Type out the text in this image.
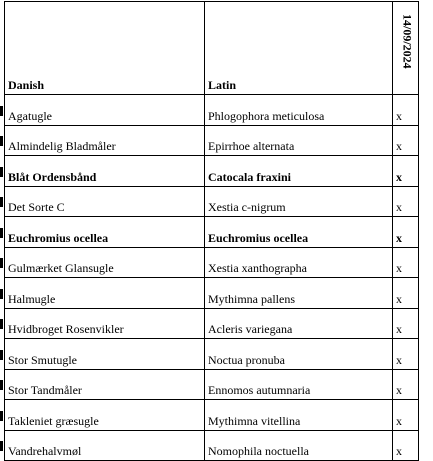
Danish	Latin	14/09/2024

Agatugle	Phlogophora meticulosa	x
Almindelig Bladmåler	Epirrhoe alternata	x
Blåt Ordensbånd	Catocala fraxini	x
Det Sorte C	Xestia c-nigrum	x
Euchromius ocellea	Euchromius ocellea	x
Gulmærket Glansugle	Xestia xanthographa	x
Halmugle	Mythimna pallens	x
Hvidbroget Rosenvikler	Acleris variegana	x
Stor Smutugle	Noctua pronuba	x
Stor Tandmåler	Ennomos autumnaria	x
Takleniet græsugle	Mythimna vitellina	x
Vandrehalvmøl	Nomophila noctuella	x
